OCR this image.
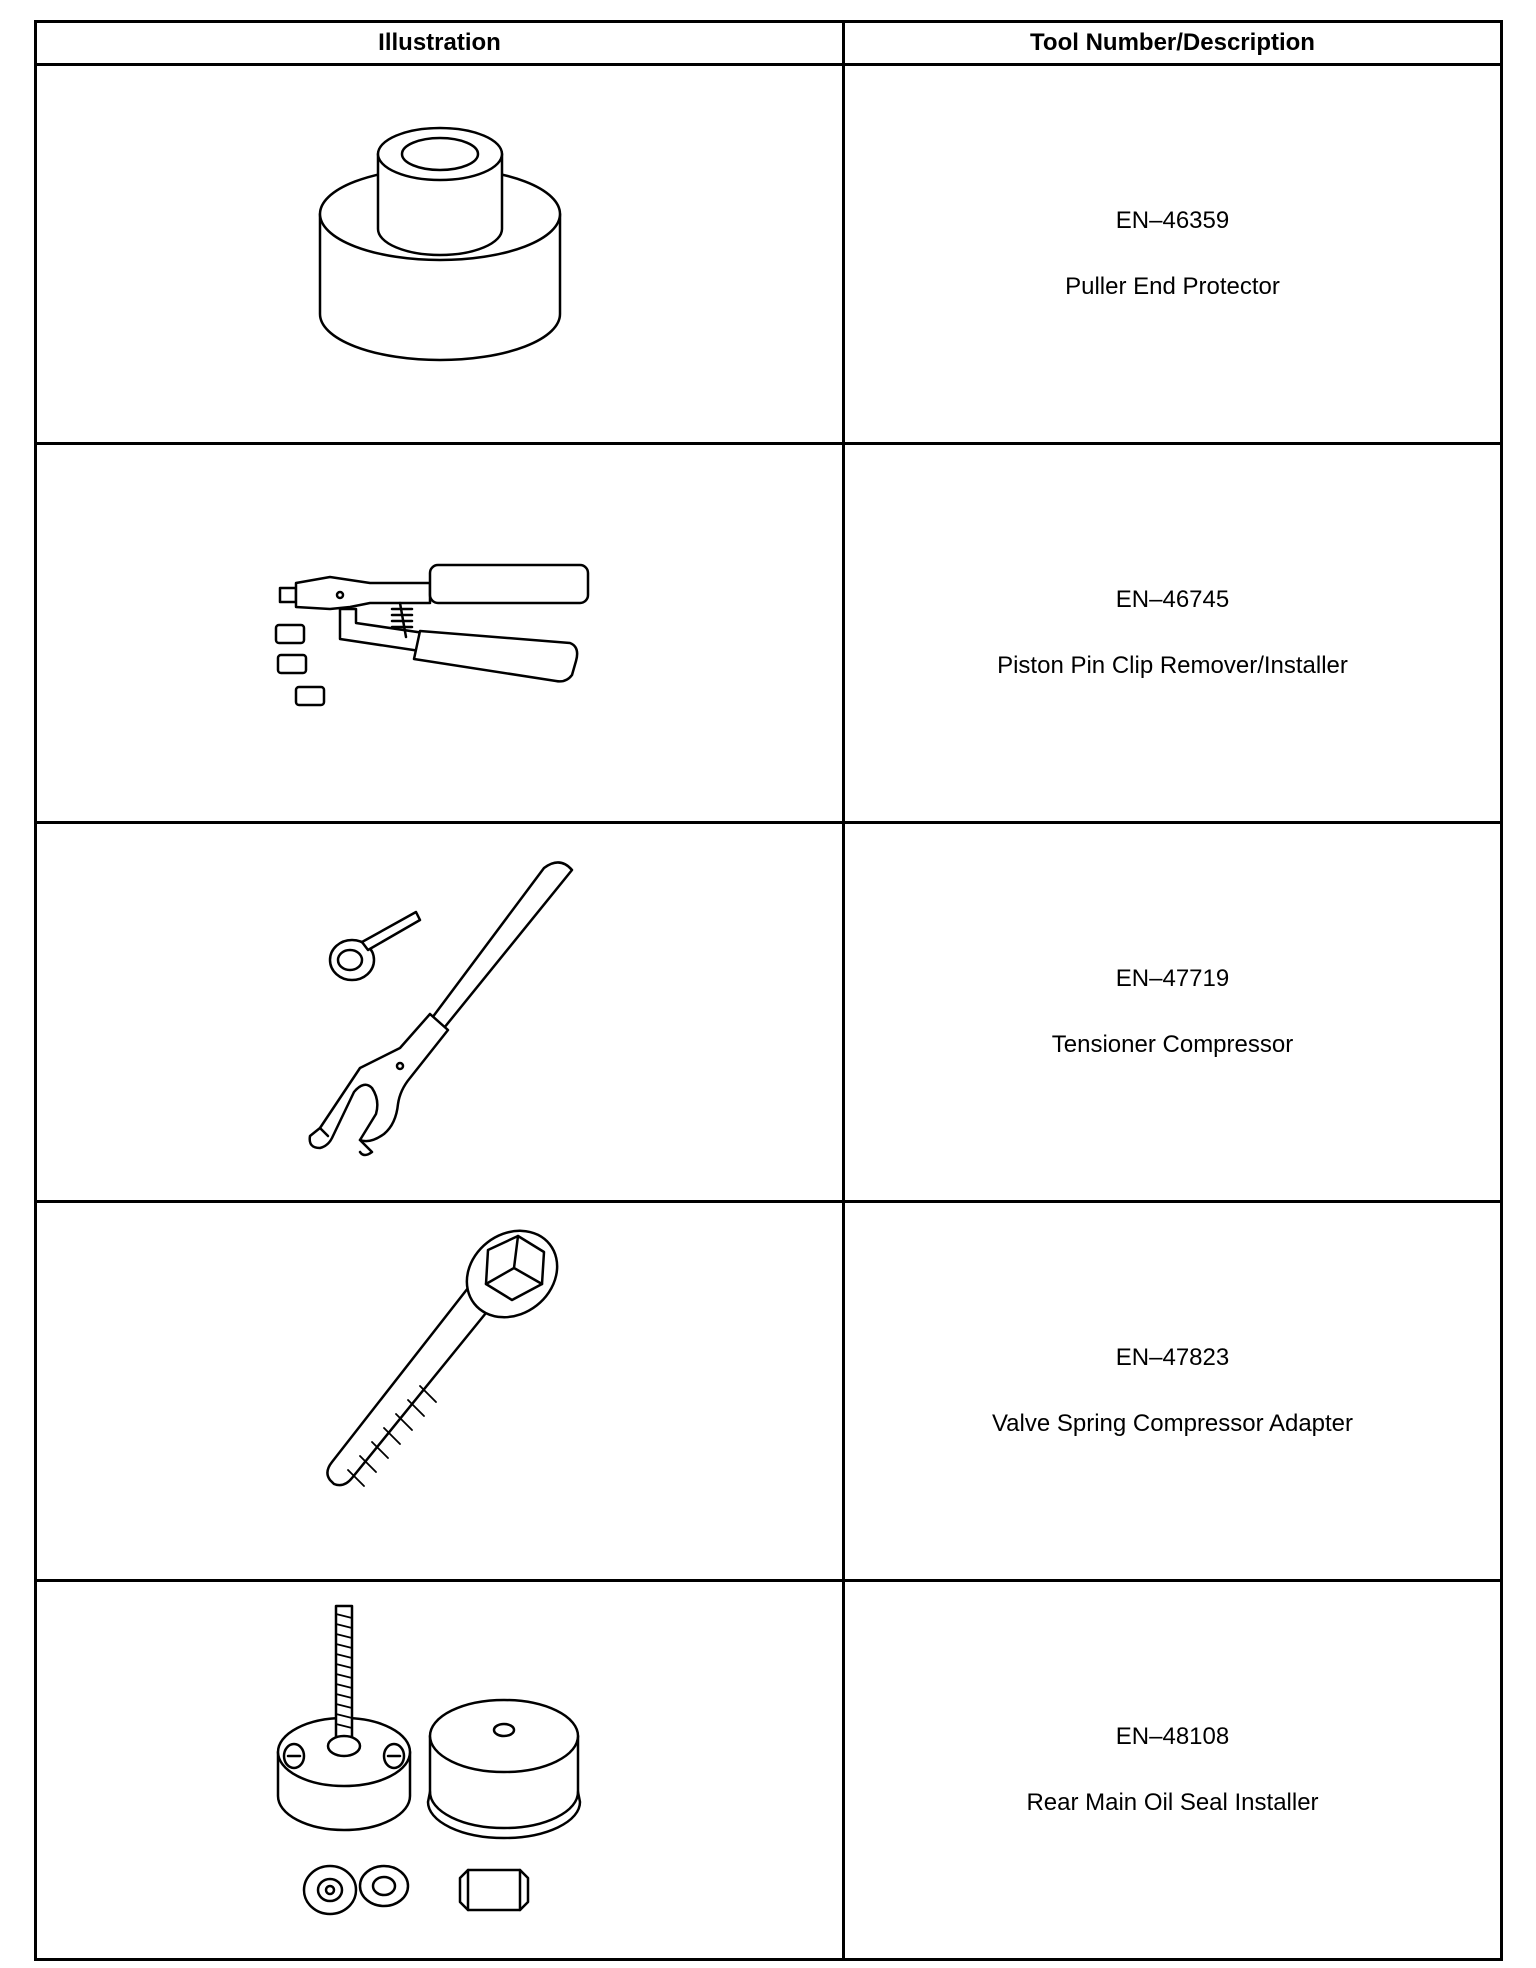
Illustration	Tool Number/Description

EN–46359
Puller End Protector

EN–46745
Piston Pin Clip Remover/Installer

EN–47719
Tensioner Compressor

EN–47823
Valve Spring Compressor Adapter

EN–48108
Rear Main Oil Seal Installer
